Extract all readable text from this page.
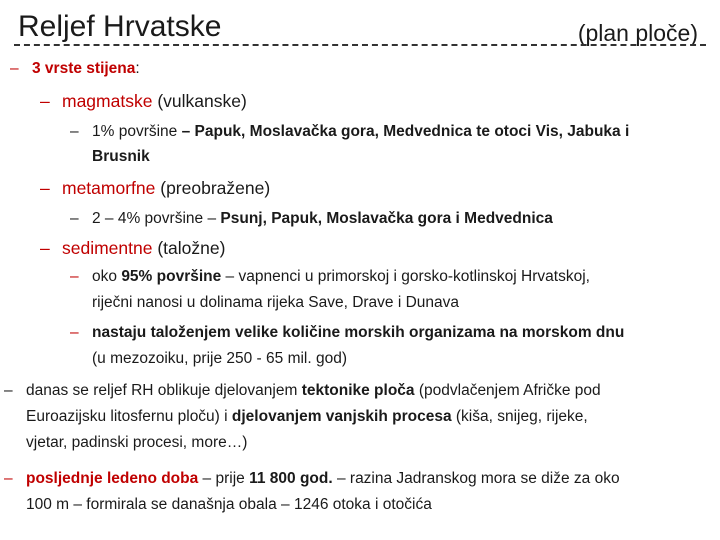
Reljef Hrvatske	(plan ploče)
– 3 vrste stijena:
– magmatske (vulkanske)
– 1% površine – Papuk, Moslavačka gora, Medvednica te otoci Vis, Jabuka i
Brusnik
– metamorfne (preobražene)
– 2 – 4% površine – Psunj, Papuk, Moslavačka gora i Medvednica
– sedimentne (taložne)
– oko 95% površine – vapnenci u primorskoj i gorsko-kotlinskoj Hrvatskoj,
riječni nanosi u dolinama rijeka Save, Drave i Dunava
– nastaju taloženjem velike količine morskih organizama na morskom dnu
(u mezozoiku, prije 250 - 65 mil. god)
– danas se reljef RH oblikuje djelovanjem tektonike ploča (podvlačenjem Afričke pod
Euroazijsku litosfernu ploču) i djelovanjem vanjskih procesa (kiša, snijeg, rijeke,
vjetar, padinski procesi, more…)
– posljednje ledeno doba – prije 11 800 god. – razina Jadranskog mora se diže za oko
100 m – formirala se današnja obala – 1246 otoka i otočića
